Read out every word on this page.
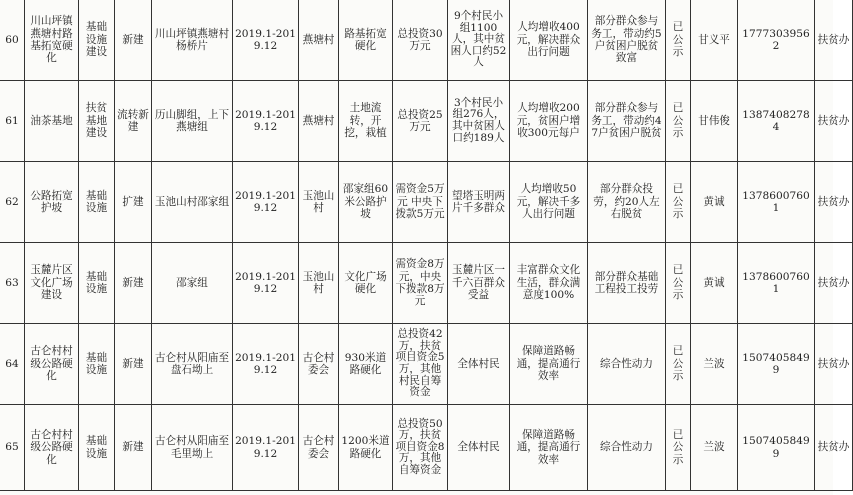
60	川山坪镇燕塘村路基拓宽硬化	基础设施建设	新建	川山坪镇燕塘村杨桥片	2019.1-2019.12	燕塘村	路基拓宽硬化	总投资30万元	9个村民小组1100人，其中贫困人口约52人	人均增收400元，解决群众出行问题	部分群众参与务工，带动约5户贫困户脱贫致富	已公示	甘义平	17773039562	扶贫办

61	油茶基地	扶贫基地建设	流转新建	历山脚组，上下燕塘组	2019.1-2019.12	燕塘村	土地流转，开挖，栽植	总投资25万元	3个村民小组276人，其中贫困人口约189人	人均增收200元，贫困户增收300元每户	部分群众参与务工，带动约47户贫困户脱贫	已公示	甘伟俊	13874082784	扶贫办

62	公路拓宽护坡	基础设施	扩建	玉池山村邵家组	2019.1-2019.12	玉池山村	邵家组60米公路护坡	需资金5万元 中央下拨款5万元	望塔玉明两片千多群众	人均增收50元，解决千多人出行问题	部分群众投劳，约20人左右脱贫	已公示	黄诚	13786007601	扶贫办

63	玉麓片区文化广场建设	基础设施	新建	邵家组	2019.1-2019.12	玉池山村	文化广场硬化	需资金8万元，中央下拨款8万元	玉麓片区一千六百群众受益	丰富群众文化生活，群众满意度100%	部分群众基础工程投工投劳	已公示	黄诚	13786007601	扶贫办

64	古仑村村级公路硬化	基础设施	新建	古仑村从阳庙至盘石坳上	2019.1-2019.12	古仑村委会	930米道路硬化	总投资42万，扶贫项目资金5万，其他村民自筹资金	全体村民	保障道路畅通，提高通行效率	综合性动力	已公示	兰波	15074058499	扶贫办

65	古仑村村级公路硬化	基础设施	新建	古仑村从阳庙至毛里坳上	2019.1-2019.12	古仑村委会	1200米道路硬化	总投资50万，扶贫项目资金8万，其他自筹资金	全体村民	保障道路畅通，提高通行效率	综合性动力	已公示	兰波	15074058499	扶贫办
